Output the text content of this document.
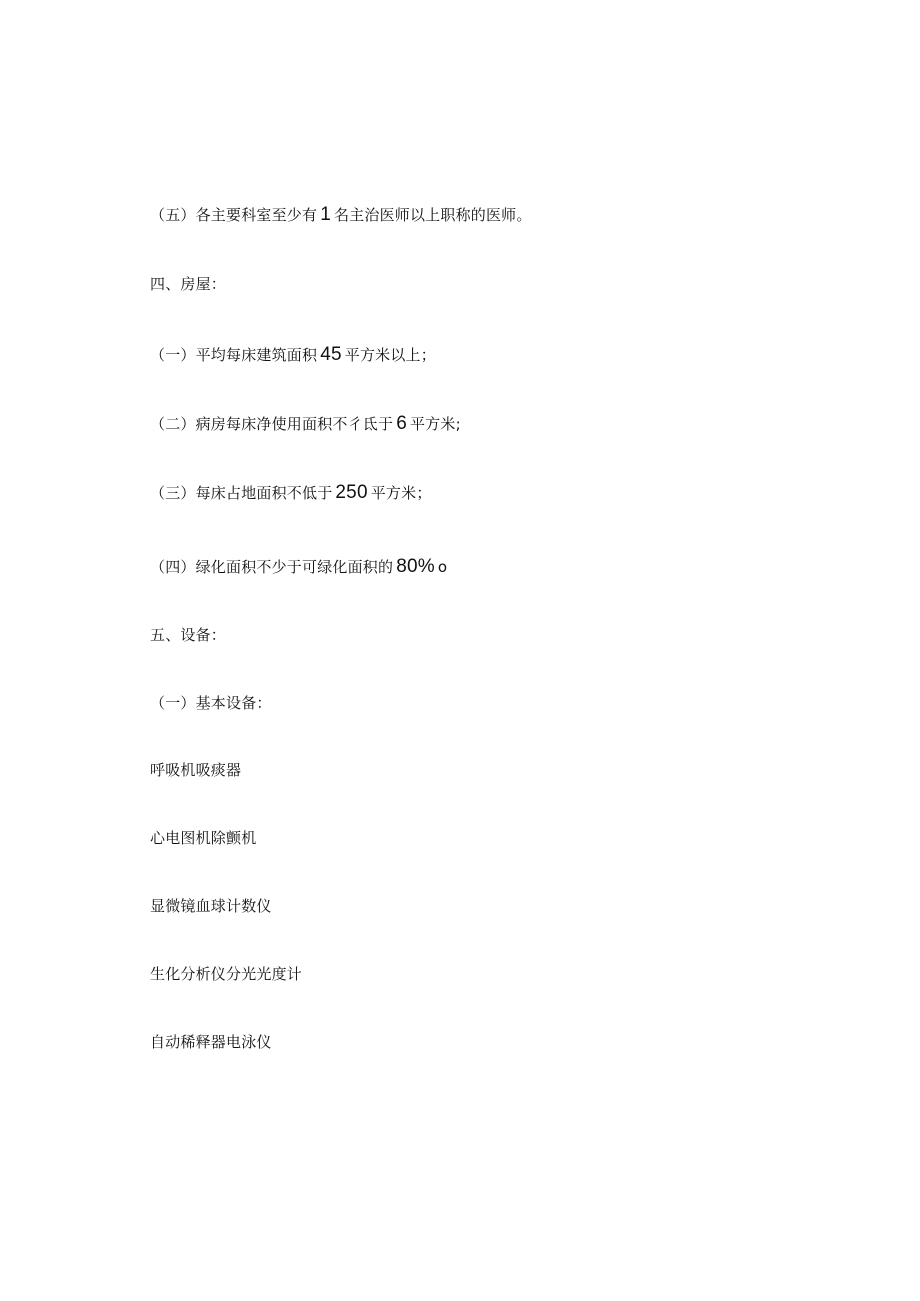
（五）各主要科室至少有 1 名主治医师以上职称的医师。
四、房屋：
（一）平均每床建筑面积 45 平方米以上；
（二）病房每床净使用面积不彳氐于 6 平方米;
（三）每床占地面积不低于 250 平方米；
（四）绿化面积不少于可绿化面积的 80% o
五、设备：
（一）基本设备：
呼吸机吸痰器
心电图机除颤机
显微镜血球计数仪
生化分析仪分光光度计
自动稀释器电泳仪
